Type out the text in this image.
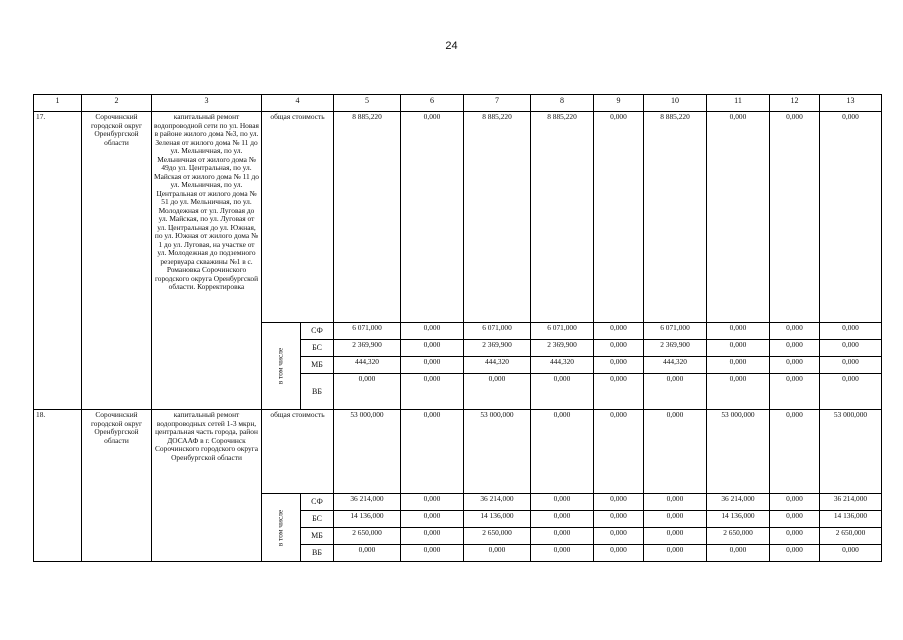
24
1	2	3	4		5	6	7	8	9	10	11	12	13
17.	Сорочинский городской округ Оренбургской области	капитальный ремонт водопроводной сети по ул. Новая в районе жилого дома №3, по ул. Зеленая от жилого дома № 11 до ул. Мельничная, по ул. Мельничная от жилого дома № 49до ул. Центральная, по ул. Майская от жилого дома № 11 до ул. Мельничная, по ул. Центральная от жилого дома № 51 до ул. Мельничная, по ул. Молодежная от ул. Луговая до ул. Майская, по ул. Луговая от ул. Центральная до ул. Южная, по ул. Южная от жилого дома № 1 до ул. Луговая, на участке от ул. Молодежная до подземного резервуара скважины №1 в с. Романовка Сорочинского городского округа Оренбургской области. Корректировка	общая стоимость		8 885,220	0,000	8 885,220	8 885,220	0,000	8 885,220	0,000	0,000	0,000

			в том числе	СФ	6 071,000	0,000	6 071,000	6 071,000	0,000	6 071,000	0,000	0,000	0,000
				БС	2 369,900	0,000	2 369,900	2 369,900	0,000	2 369,900	0,000	0,000	0,000
				МБ	444,320	0,000	444,320	444,320	0,000	444,320	0,000	0,000	0,000
				ВБ	0,000	0,000	0,000	0,000	0,000	0,000	0,000	0,000	0,000
18.	Сорочинский городской округ Оренбургской области	капитальный ремонт водопроводных сетей 1-3 мкрн, центральная часть города, район ДОСААФ в г. Сорочинск Сорочинского городского округа Оренбургской области	общая стоимость		53 000,000	0,000	53 000,000	0,000	0,000	0,000	53 000,000	0,000	53 000,000

			в том числе	СФ	36 214,000	0,000	36 214,000	0,000	0,000	0,000	36 214,000	0,000	36 214,000
				БС	14 136,000	0,000	14 136,000	0,000	0,000	0,000	14 136,000	0,000	14 136,000
				МБ	2 650,000	0,000	2 650,000	0,000	0,000	0,000	2 650,000	0,000	2 650,000
				ВБ	0,000	0,000	0,000	0,000	0,000	0,000	0,000	0,000	0,000
